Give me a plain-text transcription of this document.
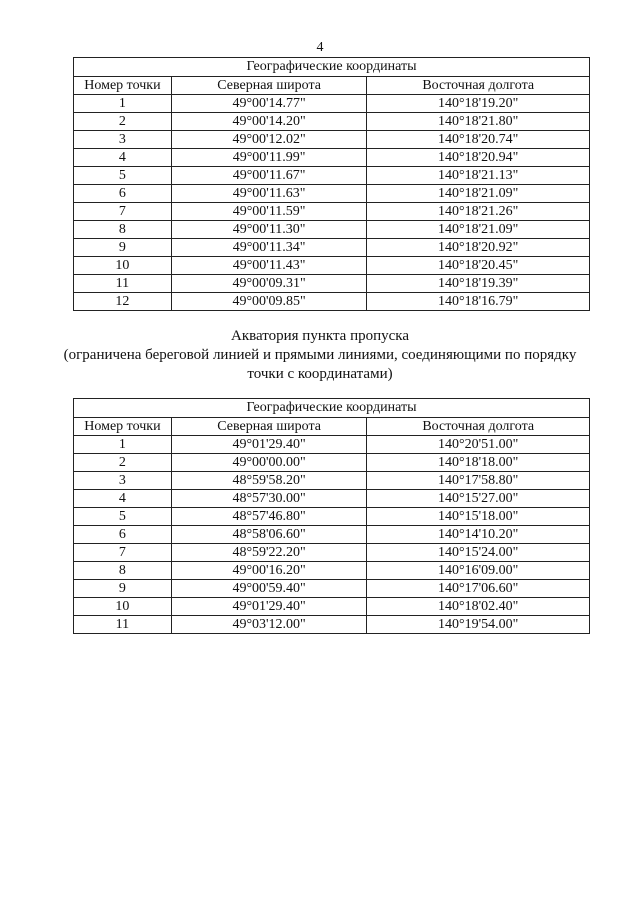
4
Географические координаты		
Номер точки	Северная широта	Восточная долгота
1	49°00'14.77"	140°18'19.20"
2	49°00'14.20"	140°18'21.80"
3	49°00'12.02"	140°18'20.74"
4	49°00'11.99"	140°18'20.94"
5	49°00'11.67"	140°18'21.13"
6	49°00'11.63"	140°18'21.09"
7	49°00'11.59"	140°18'21.26"
8	49°00'11.30"	140°18'21.09"
9	49°00'11.34"	140°18'20.92"
10	49°00'11.43"	140°18'20.45"
11	49°00'09.31"	140°18'19.39"
12	49°00'09.85"	140°18'16.79"
Акватория пункта пропуска
(ограничена береговой линией и прямыми линиями, соединяющими по порядку
точки с координатами)
Географические координаты		
Номер точки	Северная широта	Восточная долгота
1	49°01'29.40"	140°20'51.00"
2	49°00'00.00"	140°18'18.00"
3	48°59'58.20"	140°17'58.80"
4	48°57'30.00"	140°15'27.00"
5	48°57'46.80"	140°15'18.00"
6	48°58'06.60"	140°14'10.20"
7	48°59'22.20"	140°15'24.00"
8	49°00'16.20"	140°16'09.00"
9	49°00'59.40"	140°17'06.60"
10	49°01'29.40"	140°18'02.40"
11	49°03'12.00"	140°19'54.00"
